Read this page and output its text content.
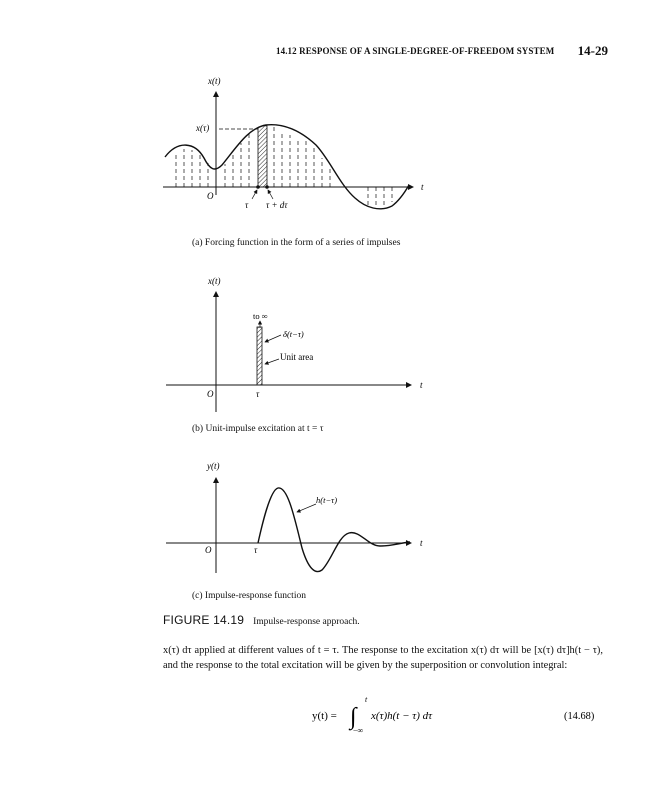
14.12 RESPONSE OF A SINGLE-DEGREE-OF-FREEDOM SYSTEM 14-29
x(t)
t
O
x(τ)
τ τ + dτ
x(t)
t
O	τ
to ∞
δ(t−τ)
Unit area
y(t)
t
O	τ
h(t−τ)
(a) Forcing function in the form of a series of impulses
(b) Unit-impulse excitation at t = τ
(c) Impulse-response function
FIGURE 14.19 Impulse-response approach.
x(τ) dτ applied at different values of t = τ. The response to the excitation x(τ) dτ will be [x(τ) dτ]h(t − τ), and the response to the total excitation will be given by the superposition or convolution integral:
y(t) = ∫
t
−∞
x(τ)h(t − τ) dτ	(14.68)
